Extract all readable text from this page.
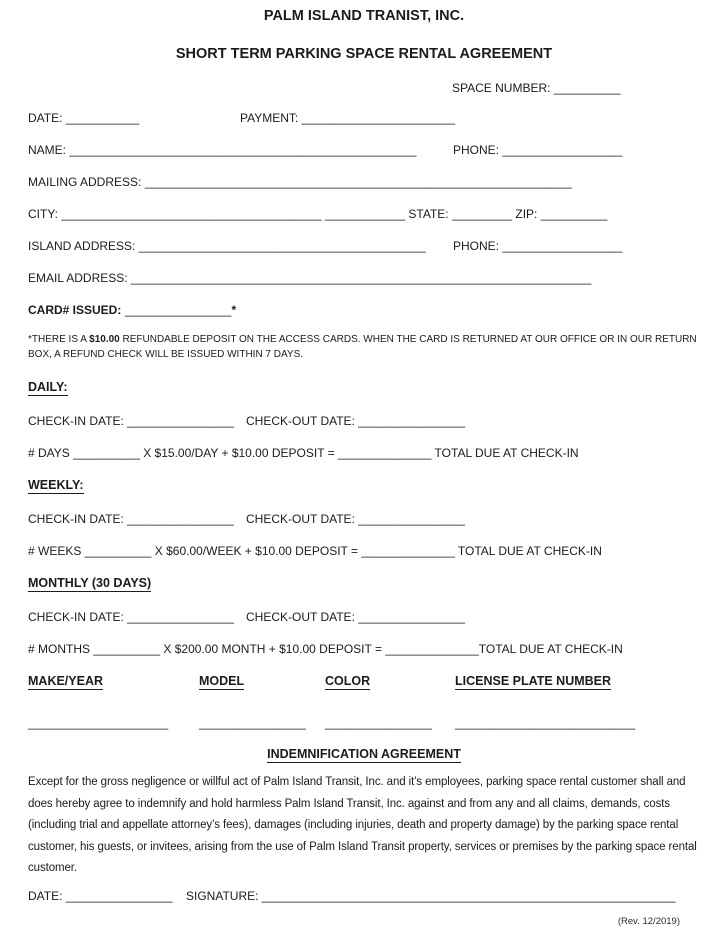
PALM ISLAND TRANIST, INC.
SHORT TERM PARKING SPACE RENTAL AGREEMENT
SPACE NUMBER: __________
DATE: ___________	PAYMENT: _______________________
NAME: ____________________________________________________	PHONE: __________________
MAILING ADDRESS: ________________________________________________________________
CITY: _______________________________________ ____________ STATE: _________ ZIP: __________
ISLAND ADDRESS: ___________________________________________ PHONE: __________________
EMAIL ADDRESS: _____________________________________________________________________
CARD# ISSUED: ________________*
*THERE IS A $10.00 REFUNDABLE DEPOSIT ON THE ACCESS CARDS. WHEN THE CARD IS RETURNED AT OUR OFFICE OR IN OUR RETURN BOX, A REFUND CHECK WILL BE ISSUED WITHIN 7 DAYS.
DAILY:
CHECK-IN DATE: ________________ CHECK-OUT DATE: ________________
# DAYS __________ X $15.00/DAY + $10.00 DEPOSIT = ______________ TOTAL DUE AT CHECK-IN
WEEKLY:
CHECK-IN DATE: ________________ CHECK-OUT DATE: ________________
# WEEKS __________ X $60.00/WEEK + $10.00 DEPOSIT = ______________ TOTAL DUE AT CHECK-IN
MONTHLY (30 DAYS)
CHECK-IN DATE: ________________ CHECK-OUT DATE: ________________
# MONTHS __________ X $200.00 MONTH + $10.00 DEPOSIT = ______________TOTAL DUE AT CHECK-IN
MAKE/YEAR	MODEL	COLOR	LICENSE PLATE NUMBER
_____________________	________________	________________	___________________________
INDEMNIFICATION AGREEMENT
Except for the gross negligence or willful act of Palm Island Transit, Inc. and it’s employees, parking space rental customer shall and does hereby agree to indemnify and hold harmless Palm Island Transit, Inc. against and from any and all claims, demands, costs (including trial and appellate attorney’s fees), damages (including injuries, death and property damage) by the parking space rental customer, his guests, or invitees, arising from the use of Palm Island Transit property, services or premises by the parking space rental customer.
DATE: ________________ SIGNATURE: ______________________________________________________________
(Rev. 12/2019)
